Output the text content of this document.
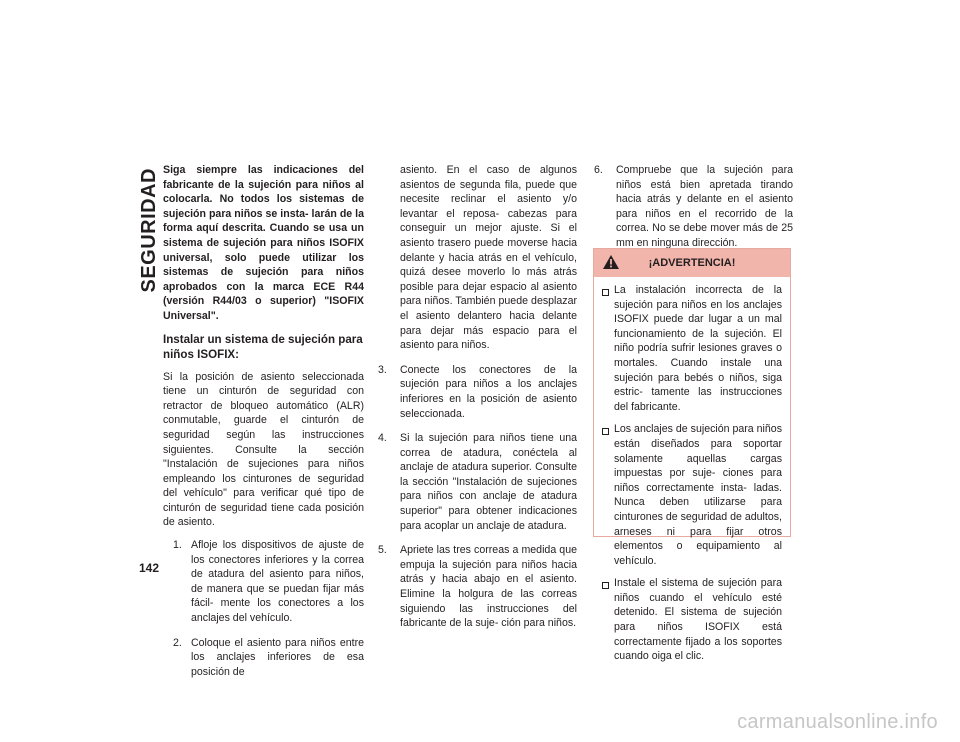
SEGURIDAD
142

Siga siempre las indicaciones del fabricante de la sujeción para niños al colocarla. No todos los sistemas de sujeción para niños se insta- larán de la forma aquí descrita. Cuando se usa un sistema de sujeción para niños ISOFIX universal, solo puede utilizar los sistemas de sujeción para niños aprobados con la marca ECE R44 (versión R44/03 o superior) "ISOFIX Universal".

Instalar un sistema de sujeción para niños ISOFIX:

Si la posición de asiento seleccionada tiene un cinturón de seguridad con retractor de bloqueo automático (ALR) conmutable, guarde el cinturón de seguridad según las instrucciones siguientes. Consulte la sección "Instalación de sujeciones para niños empleando los cinturones de seguridad del vehículo" para verificar qué tipo de cinturón de seguridad tiene cada posición de asiento.

1. Afloje los dispositivos de ajuste de los conectores inferiores y la correa de atadura del asiento para niños, de manera que se puedan fijar más fácil- mente los conectores a los anclajes del vehículo.
2. Coloque el asiento para niños entre los anclajes inferiores de esa posición de

asiento. En el caso de algunos asientos de segunda fila, puede que necesite reclinar el asiento y/o levantar el reposa- cabezas para conseguir un mejor ajuste. Si el asiento trasero puede moverse hacia delante y hacia atrás en el vehículo, quizá desee moverlo lo más atrás posible para dejar espacio al asiento para niños. También puede desplazar el asiento delantero hacia delante para dejar más espacio para el asiento para niños.

3.	Conecte los conectores de la sujeción para niños a los anclajes inferiores en la posición de asiento seleccionada.
4.	Si la sujeción para niños tiene una correa de atadura, conéctela al anclaje de atadura superior. Consulte la sección "Instalación de sujeciones para niños con anclaje de atadura superior" para obtener indicaciones para acoplar un anclaje de atadura.
5.	Apriete las tres correas a medida que empuja la sujeción para niños hacia atrás y hacia abajo en el asiento. Elimine la holgura de las correas siguiendo las instrucciones del fabricante de la suje- ción para niños.
6.	Compruebe que la sujeción para niños está bien apretada tirando hacia atrás y delante en el asiento para niños en el recorrido de la correa. No se debe mover más de 25 mm en ninguna dirección.
¡ADVERTENCIA!
La instalación incorrecta de la sujeción para niños en los anclajes ISOFIX puede dar lugar a un mal funcionamiento de la sujeción. El niño podría sufrir lesiones graves o mortales. Cuando instale una sujeción para bebés o niños, siga estric- tamente las instrucciones del fabricante.
Los anclajes de sujeción para niños están diseñados para soportar solamente aquellas cargas impuestas por suje- ciones para niños correctamente insta- ladas. Nunca deben utilizarse para cinturones de seguridad de adultos, arneses ni para fijar otros elementos o equipamiento al vehículo.
Instale el sistema de sujeción para niños cuando el vehículo esté detenido. El sistema de sujeción para niños ISOFIX está correctamente fijado a los soportes cuando oiga el clic.
carmanualsonline.info
